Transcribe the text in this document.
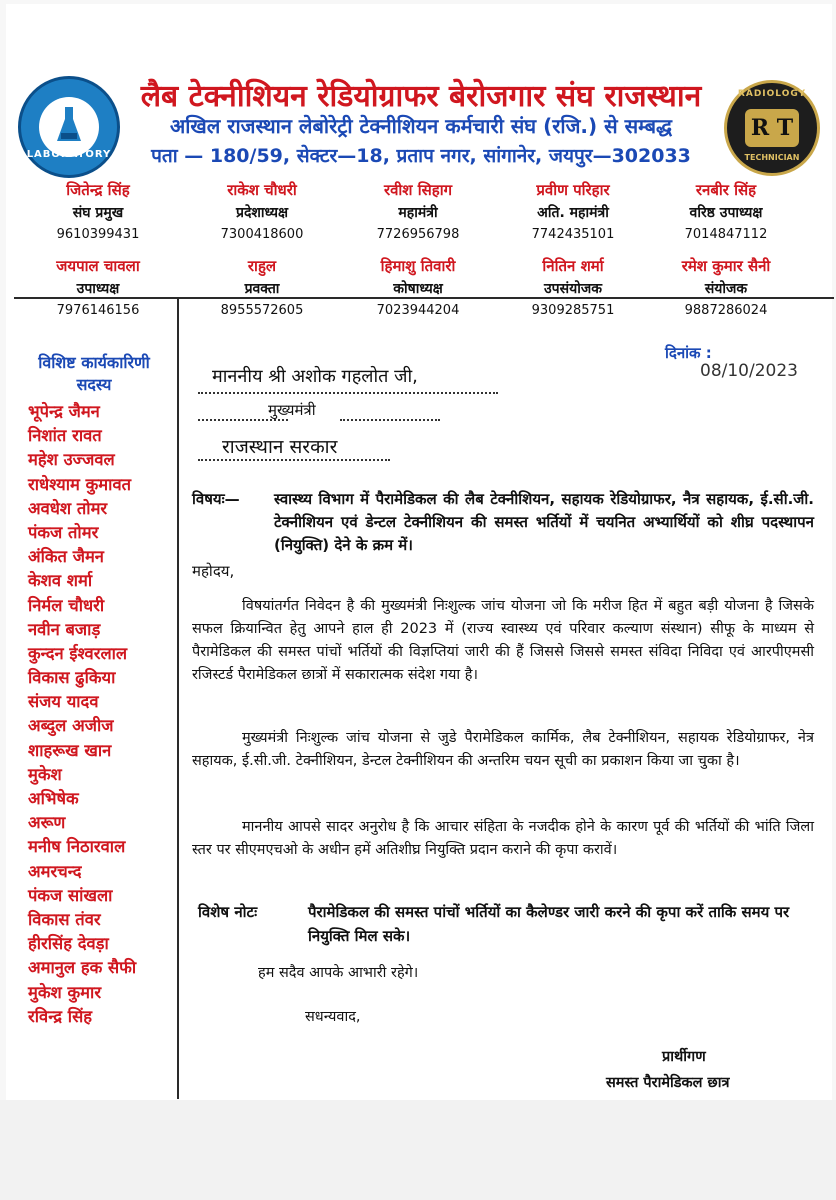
LABORATORY
RADIOLOGY
R T
TECHNICIAN
लैब टेक्नीशियन रेडियोग्राफर बेरोजगार संघ राजस्थान
अखिल राजस्थान लेबोरेट्री टेक्नीशियन कर्मचारी संघ (रजि.) से सम्बद्ध
पता — 180/59, सेक्टर—18, प्रताप नगर, सांगानेर, जयपुर—302033
जितेन्द्र सिंह
संघ प्रमुख
9610399431
राकेश चौधरी
प्रदेशाध्यक्ष
7300418600
रवीश सिहाग
महामंत्री
7726956798
प्रवीण परिहार
अति. महामंत्री
7742435101
रनबीर सिंह
वरिष्ठ उपाध्यक्ष
7014847112
जयपाल चावला
उपाध्यक्ष
7976146156
राहुल
प्रवक्ता
8955572605
हिमाशु तिवारी
कोषाध्यक्ष
7023944204
नितिन शर्मा
उपसंयोजक
9309285751
रमेश कुमार सैनी
संयोजक
9887286024
विशिष्ट कार्यकारिणी
सदस्य
भूपेन्द्र जैमन
निशांत रावत
महेश उज्जवल
राधेश्याम कुमावत
अवधेश तोमर
पंकज तोमर
अंकित जैमन
केशव शर्मा
निर्मल चौधरी
नवीन बजाड़
कुन्दन ईश्वरलाल
विकास ढुकिया
संजय यादव
अब्दुल अजीज
शाहरूख खान
मुकेश
अभिषेक
अरूण
मनीष निठारवाल
अमरचन्द
पंकज सांखला
विकास तंवर
हीरसिंह देवड़ा
अमानुल हक सैफी
मुकेश कुमार
रविन्द्र सिंह
दिनांक :
08/10/2023
माननीय श्री अशोक गहलोत जी,
मुख्यमंत्री
राजस्थान सरकार
विषयः— स्वास्थ्य विभाग में पैरामेडिकल की लैब टेक्नीशियन, सहायक रेडियोग्राफर, नैत्र सहायक, ई.सी.जी. टेक्नीशियन एवं डेन्टल टेक्नीशियन की समस्त भर्तियों में चयनित अभ्यार्थियों को शीघ्र पदस्थापन (नियुक्ति) देने के क्रम में।
महोदय,
विषयांतर्गत निवेदन है की मुख्यमंत्री निःशुल्क जांच योजना जो कि मरीज हित में बहुत बड़ी योजना है जिसके सफल क्रियान्वित हेतु आपने हाल ही 2023 में (राज्य स्वास्थ्य एवं परिवार कल्याण संस्थान) सीफू के माध्यम से पैरामेडिकल की समस्त पांचों भर्तियों की विज्ञप्तियां जारी की हैं जिससे जिससे समस्त संविदा निविदा एवं आरपीएमसी रजिस्टर्ड पैरामेडिकल छात्रों में सकारात्मक संदेश गया है।
मुख्यमंत्री निःशुल्क जांच योजना से जुडे पैरामेडिकल कार्मिक, लैब टेक्नीशियन, सहायक रेडियोग्राफर, नेत्र सहायक, ई.सी.जी. टेक्नीशियन, डेन्टल टेक्नीशियन की अन्तरिम चयन सूची का प्रकाशन किया जा चुका है।
माननीय आपसे सादर अनुरोध है कि आचार संहिता के नजदीक होने के कारण पूर्व की भर्तियों की भांति जिला स्तर पर सीएमएचओ के अधीन हमें अतिशीघ्र नियुक्ति प्रदान कराने की कृपा करावें।
विशेष नोटः	पैरामेडिकल की समस्त पांचों भर्तियों का कैलेण्डर जारी करने की कृपा करें ताकि समय पर नियुक्ति मिल सके।
हम सदैव आपके आभारी रहेगे।
सधन्यवाद,
प्रार्थीगण
समस्त पैरामेडिकल छात्र
